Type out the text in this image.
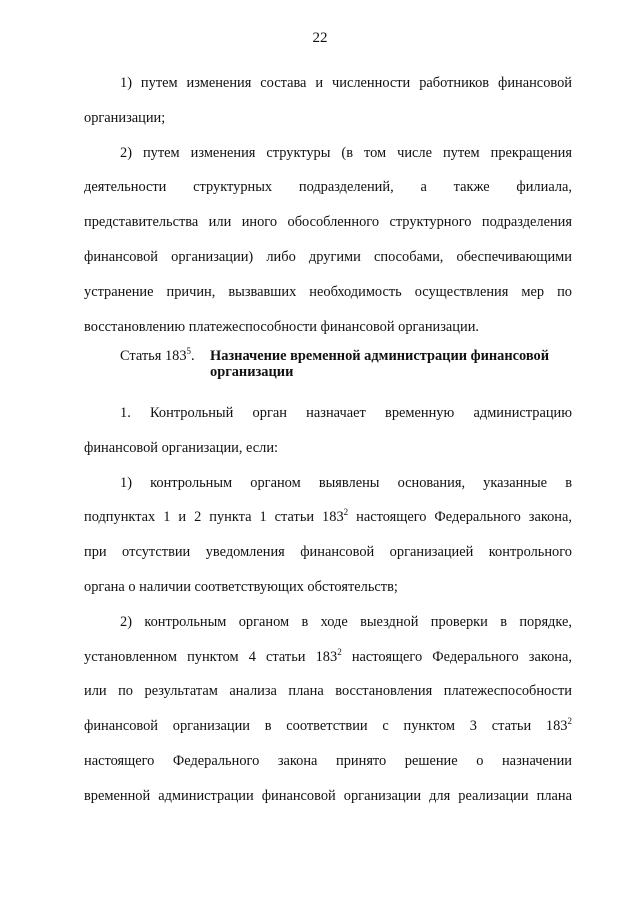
22
1) путем изменения состава и численности работников финансовой
организации;
2) путем изменения структуры (в том числе путем прекращения
деятельности структурных подразделений, а также филиала,
представительства или иного обособленного структурного подразделения
финансовой организации) либо другими способами, обеспечивающими
устранение причин, вызвавших необходимость осуществления мер по
восстановлению платежеспособности финансовой организации.
Статья $183^5$. Назначение временной администрации финансовой
организации
1. Контрольный орган назначает временную администрацию
финансовой организации, если:
1) контрольным органом выявлены основания, указанные в
подпунктах 1 и 2 пункта 1 статьи $183^2$ настоящего Федерального закона,
при отсутствии уведомления финансовой организацией контрольного
органа о наличии соответствующих обстоятельств;
2) контрольным органом в ходе выездной проверки в порядке,
установленном пунктом 4 статьи $183^2$ настоящего Федерального закона,
или по результатам анализа плана восстановления платежеспособности
финансовой организации в соответствии с пунктом 3 статьи $183^2$
настоящего Федерального закона принято решение о назначении
временной администрации финансовой организации для реализации плана
